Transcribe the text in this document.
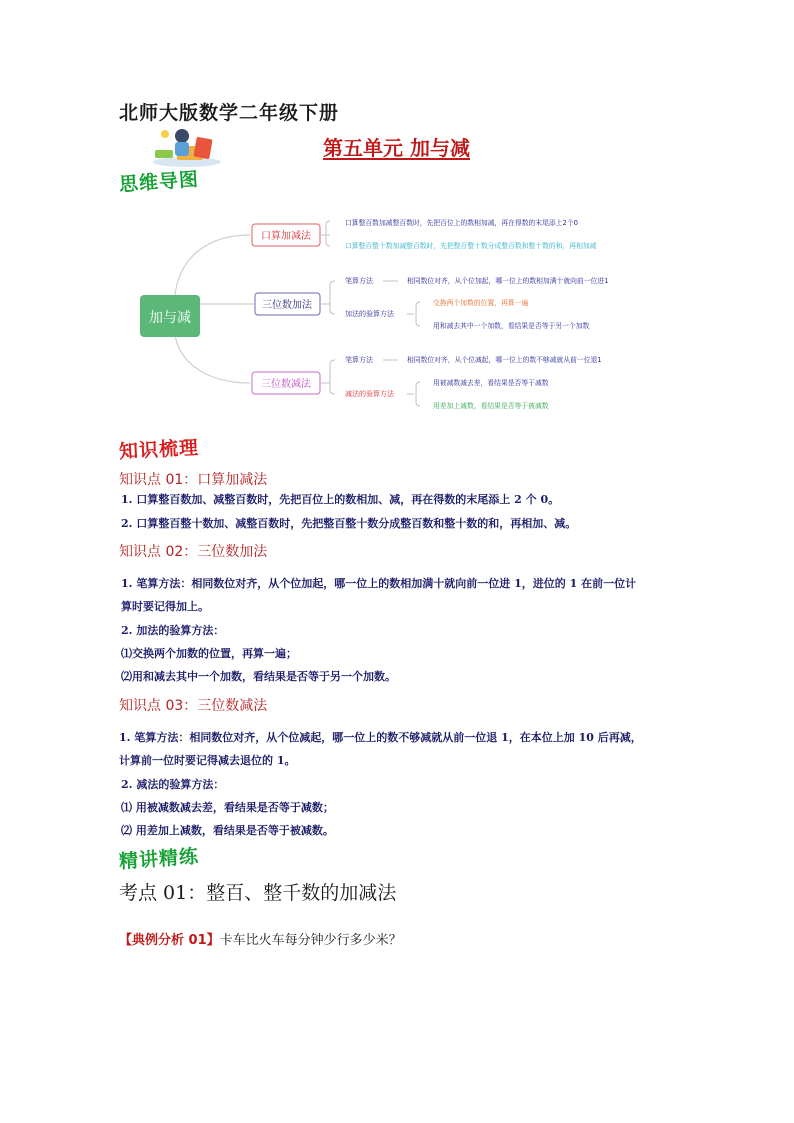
北师大版数学二年级下册
第五单元 加与减
思维导图
加与减
口算加减法
口算整百数加减整百数时，先把百位上的数相加减，再在得数的末尾添上2个0
口算整百整十数加减整百数时，先把整百整十数分成整百数和整十数的和，再相加减
三位数加法
笔算方法	相同数位对齐，从个位加起，哪一位上的数相加满十就向前一位进1
加法的验算方法
交换两个加数的位置，再算一遍
用和减去其中一个加数，看结果是否等于另一个加数
三位数减法
笔算方法	相同数位对齐，从个位减起，哪一位上的数不够减就从前一位退1
减法的验算方法
用被减数减去差，看结果是否等于减数
用差加上减数，看结果是否等于被减数
知识梳理
知识点 01：口算加减法
1. 口算整百数加、减整百数时，先把百位上的数相加、减，再在得数的末尾添上 2 个 0。
2. 口算整百整十数加、减整百数时，先把整百整十数分成整百数和整十数的和，再相加、减。
知识点 02：三位数加法
1. 笔算方法：相同数位对齐，从个位加起，哪一位上的数相加满十就向前一位进 1，进位的 1 在前一位计
算时要记得加上。
2. 加法的验算方法：
⑴交换两个加数的位置，再算一遍；
⑵用和减去其中一个加数，看结果是否等于另一个加数。
知识点 03：三位数减法
1. 笔算方法：相同数位对齐，从个位减起，哪一位上的数不够减就从前一位退 1，在本位上加 10 后再减，
计算前一位时要记得减去退位的 1。
2. 减法的验算方法：
⑴ 用被减数减去差，看结果是否等于减数；
⑵ 用差加上减数，看结果是否等于被减数。
精讲精练
考点 01：整百、整千数的加减法
【典例分析 01】卡车比火车每分钟少行多少米？
